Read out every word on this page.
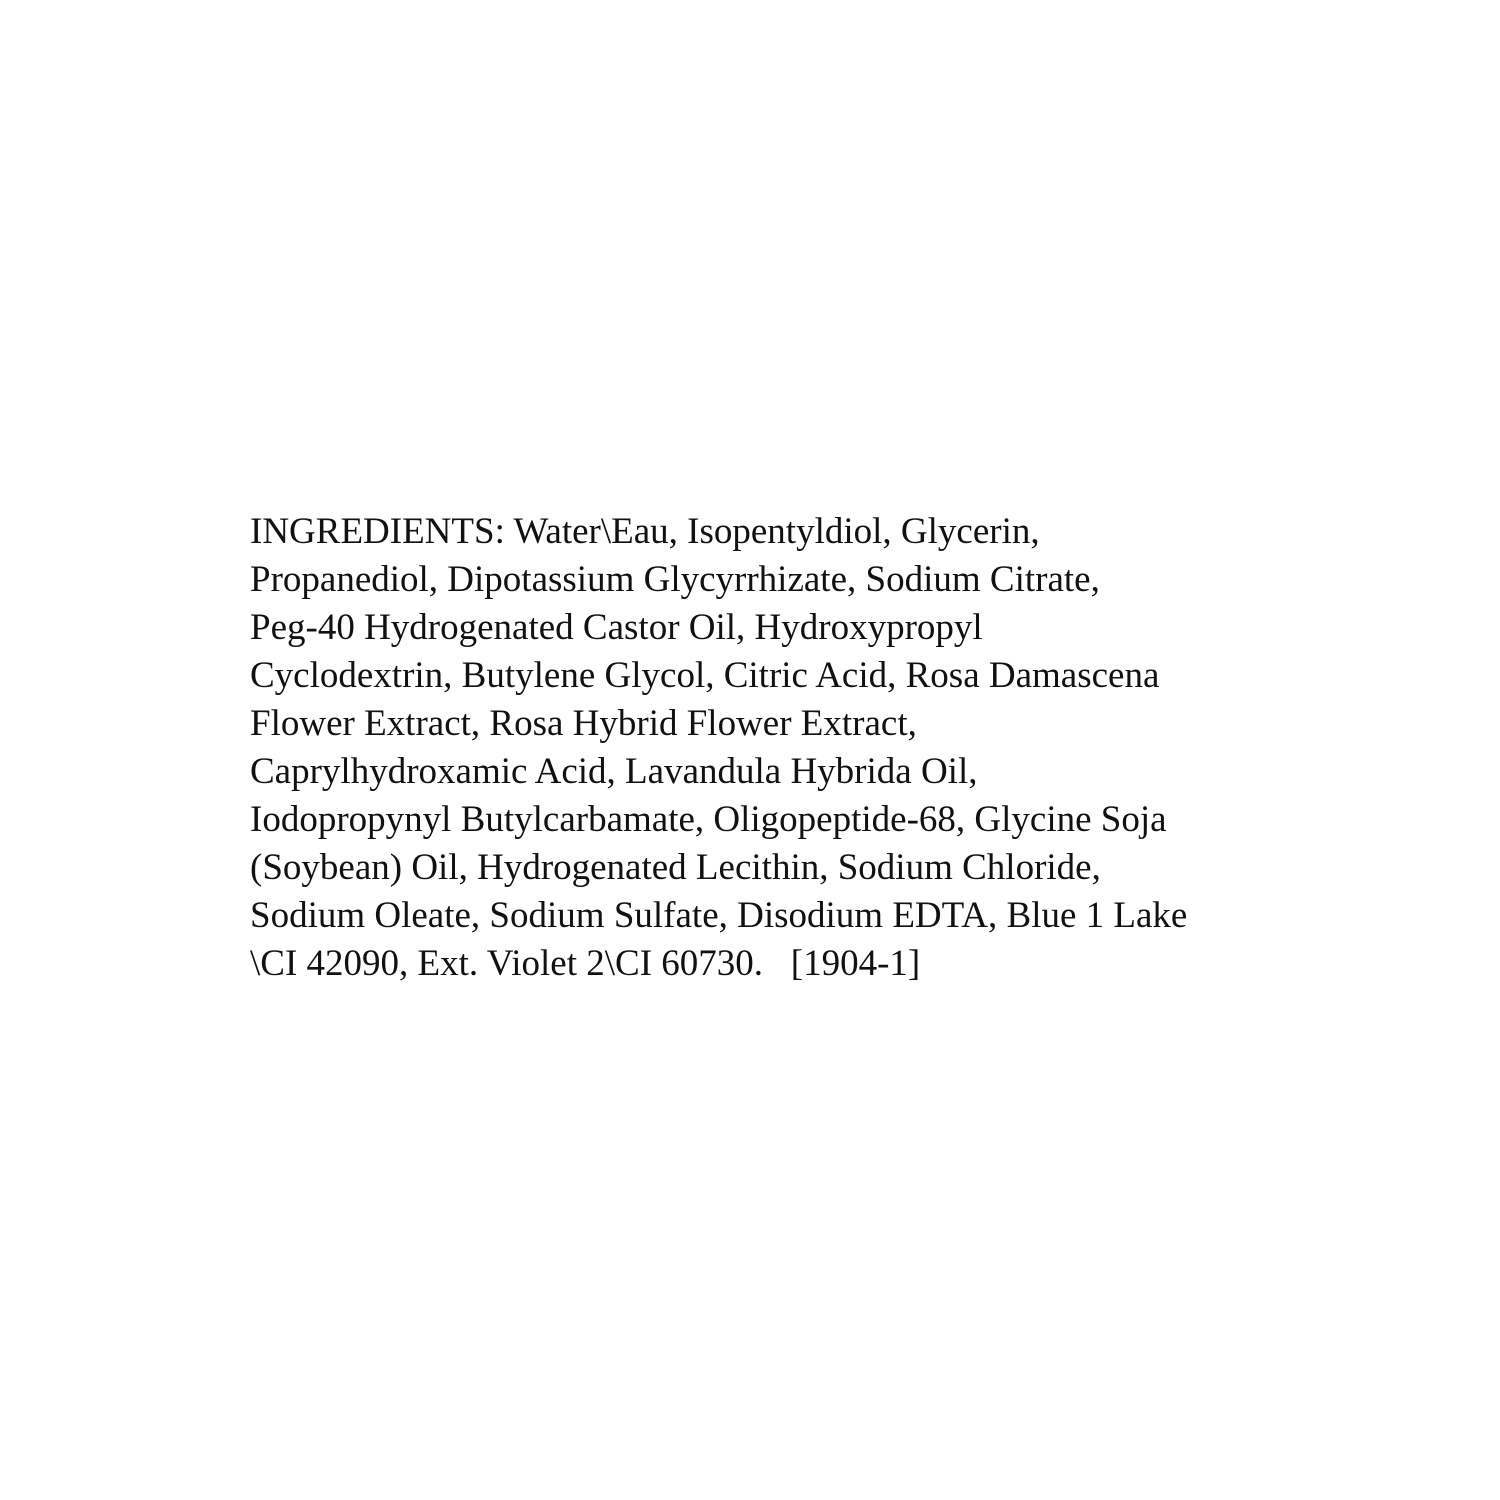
INGREDIENTS: Water\Eau, Isopentyldiol, Glycerin,
Propanediol, Dipotassium Glycyrrhizate, Sodium Citrate,
Peg-40 Hydrogenated Castor Oil, Hydroxypropyl
Cyclodextrin, Butylene Glycol, Citric Acid, Rosa Damascena
Flower Extract, Rosa Hybrid Flower Extract,
Caprylhydroxamic Acid, Lavandula Hybrida Oil,
Iodopropynyl Butylcarbamate, Oligopeptide-68, Glycine Soja
(Soybean) Oil, Hydrogenated Lecithin, Sodium Chloride,
Sodium Oleate, Sodium Sulfate, Disodium EDTA, Blue 1 Lake
\CI 42090, Ext. Violet 2\CI 60730.   [1904-1]
